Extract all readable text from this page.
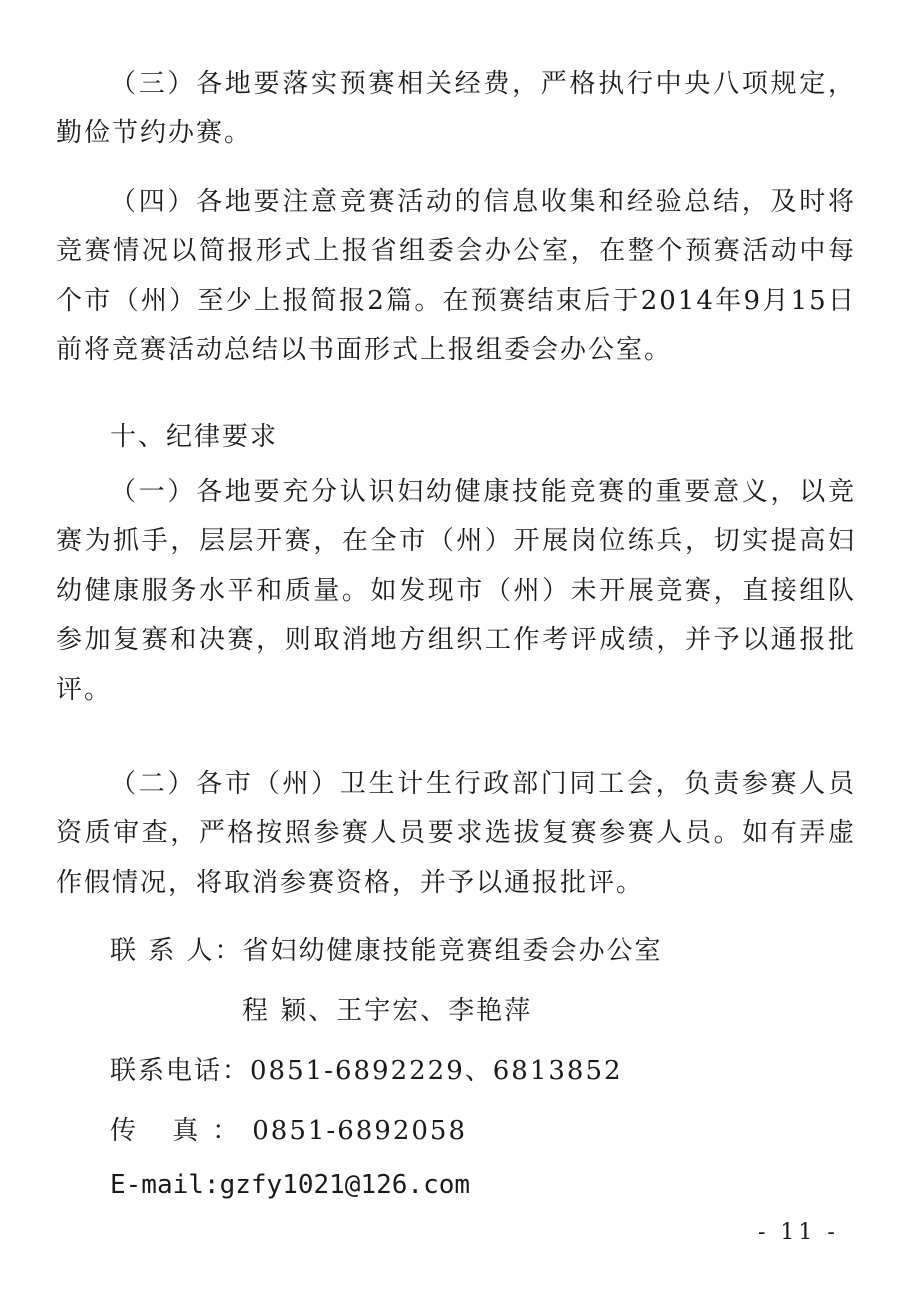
（三）各地要落实预赛相关经费，严格执行中央八项规定，勤俭节约办赛。
（四）各地要注意竞赛活动的信息收集和经验总结，及时将竞赛情况以简报形式上报省组委会办公室，在整个预赛活动中每个市（州）至少上报简报2篇。在预赛结束后于2014年9月15日前将竞赛活动总结以书面形式上报组委会办公室。
十、纪律要求
（一）各地要充分认识妇幼健康技能竞赛的重要意义，以竞赛为抓手，层层开赛，在全市（州）开展岗位练兵，切实提高妇幼健康服务水平和质量。如发现市（州）未开展竞赛，直接组队参加复赛和决赛，则取消地方组织工作考评成绩，并予以通报批评。
（二）各市（州）卫生计生行政部门同工会，负责参赛人员资质审查，严格按照参赛人员要求选拔复赛参赛人员。如有弄虚作假情况，将取消参赛资格，并予以通报批评。
联 系 人：省妇幼健康技能竞赛组委会办公室
程 颖、王宇宏、李艳萍
联系电话：0851-6892229、6813852
传 真：0851-6892058
E-mail:gzfy1021@126.com
- 11 -
